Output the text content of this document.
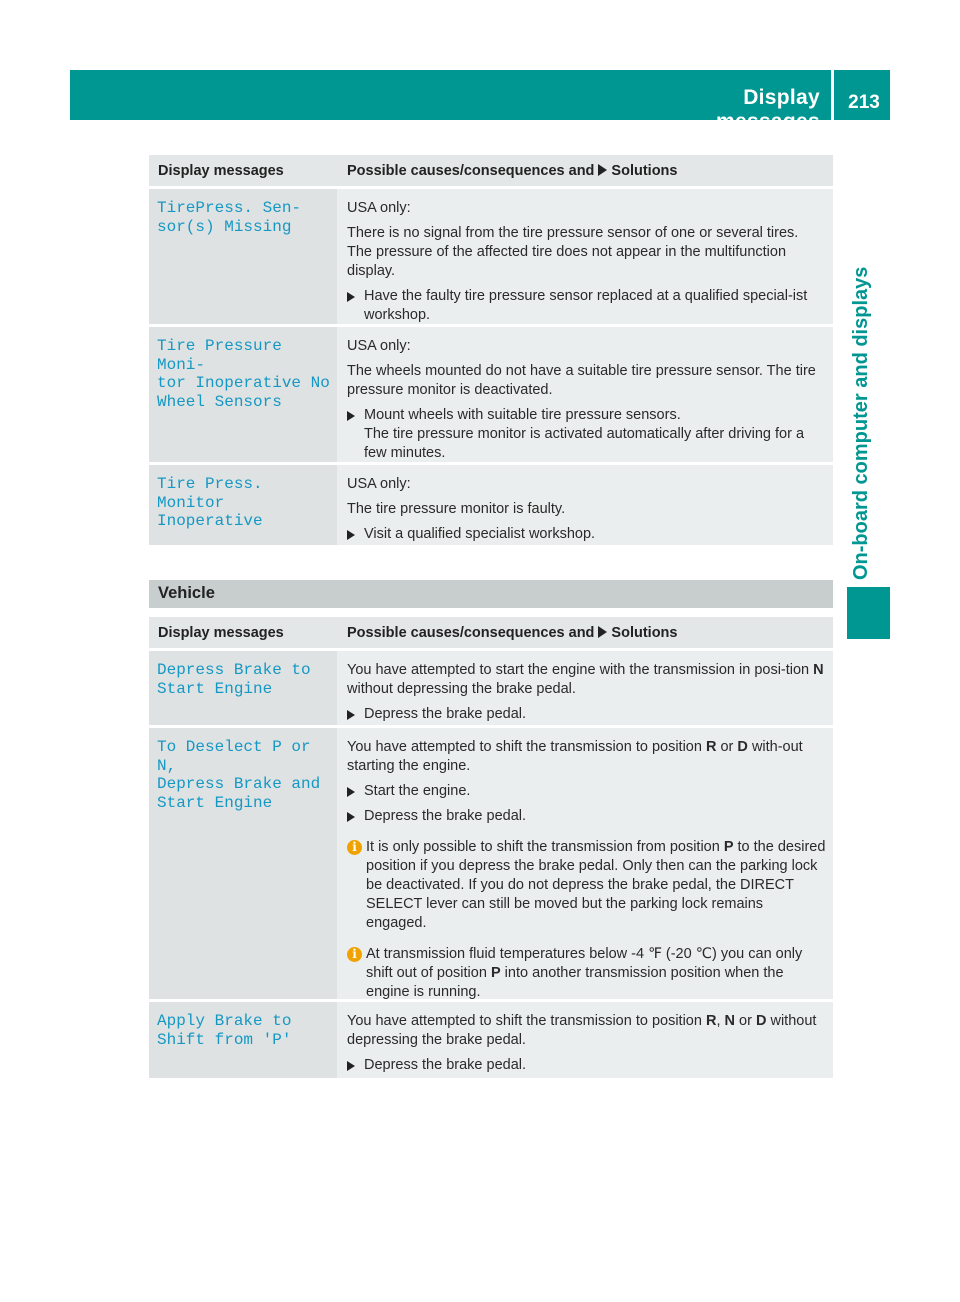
Display messages
213
On-board computer and displays
Display messages	Possible causes/consequences and Solutions
TirePress. Sen‐
sor(s) Missing
USA only:
There is no signal from the tire pressure sensor of one or several tires. The pressure of the affected tire does not appear in the multifunction display.
Have the faulty tire pressure sensor replaced at a qualified special‐ist workshop.
Tire Pressure Moni‐
tor Inoperative No
Wheel Sensors
USA only:
The wheels mounted do not have a suitable tire pressure sensor. The tire pressure monitor is deactivated.
Mount wheels with suitable tire pressure sensors.
The tire pressure monitor is activated automatically after driving for a few minutes.
Tire Press. Monitor
Inoperative
USA only:
The tire pressure monitor is faulty.
Visit a qualified specialist workshop.
Vehicle
Display messages	Possible causes/consequences and Solutions
Depress Brake to
Start Engine
You have attempted to start the engine with the transmission in posi‐tion N without depressing the brake pedal.
Depress the brake pedal.
To Deselect P or N,
Depress Brake and
Start Engine
You have attempted to shift the transmission to position R or D with‐out starting the engine.
Start the engine.
Depress the brake pedal.
i It is only possible to shift the transmission from position P to the desired position if you depress the brake pedal. Only then can the parking lock be deactivated. If you do not depress the brake pedal, the DIRECT SELECT lever can still be moved but the parking lock remains engaged.
i At transmission fluid temperatures below -4 ℉ (-20 ℃) you can only shift out of position P into another transmission position when the engine is running.
Apply Brake to
Shift from 'P'
You have attempted to shift the transmission to position R, N or D without depressing the brake pedal.
Depress the brake pedal.
